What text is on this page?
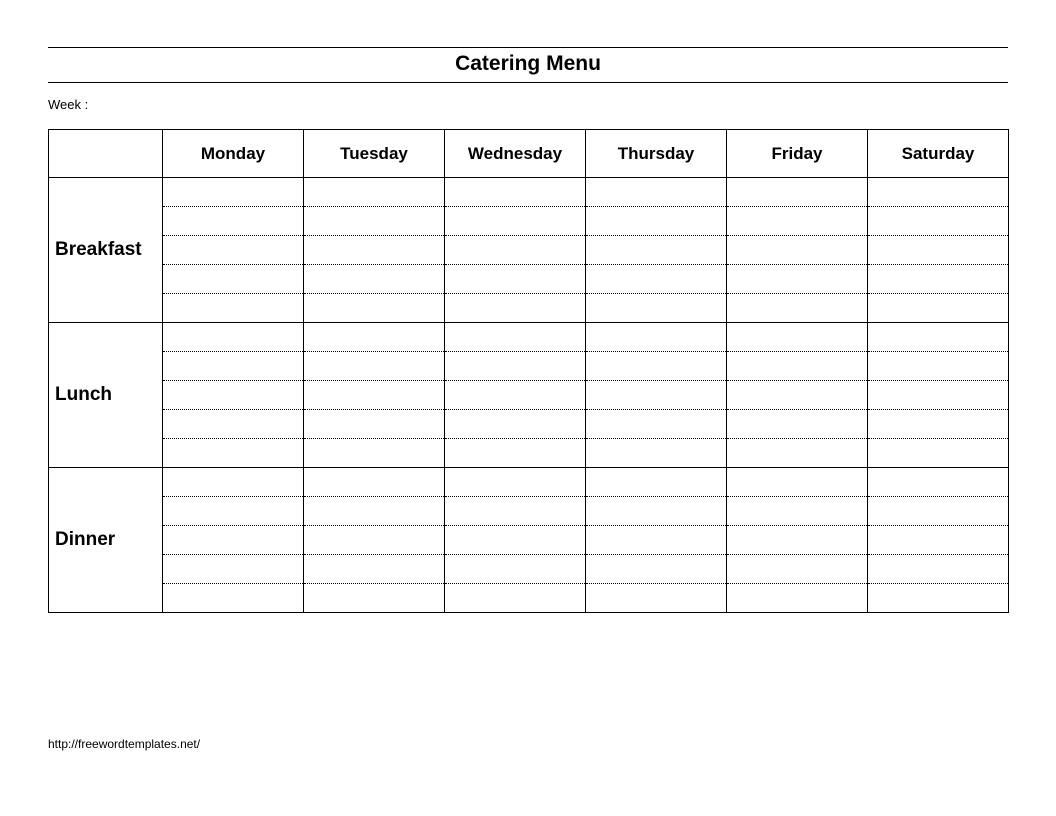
Catering Menu
Week :
	Monday	Tuesday	Wednesday	Thursday	Friday	Saturday
Breakfast						

Lunch						

Dinner						

http://freewordtemplates.net/
